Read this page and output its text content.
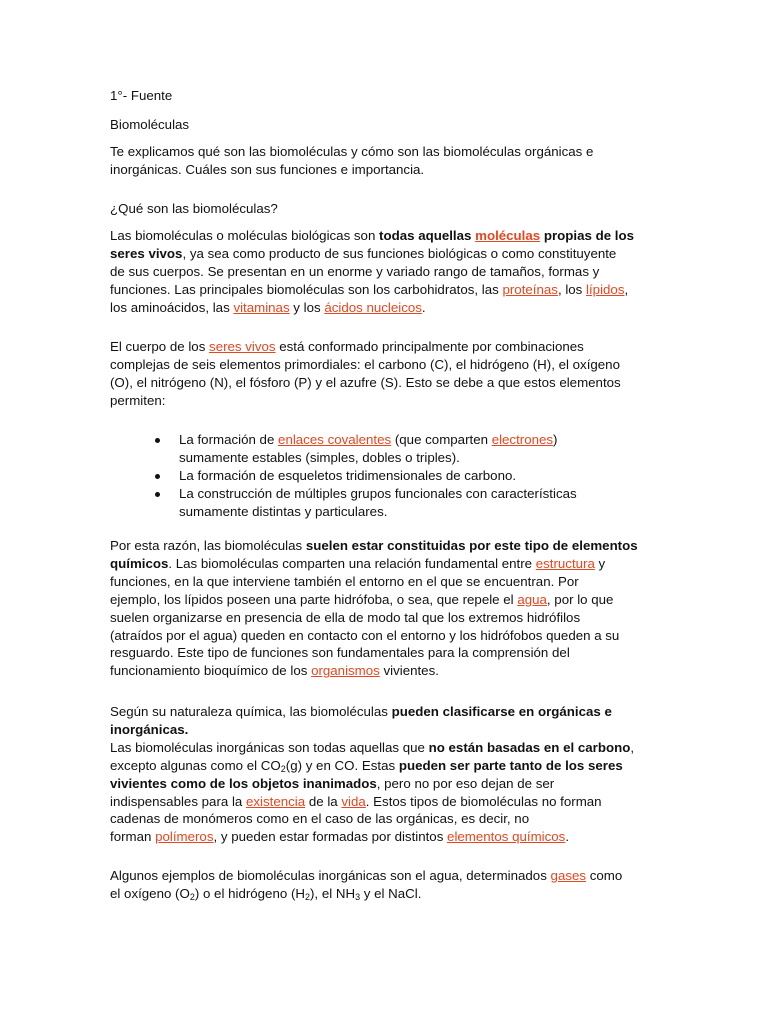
1°- Fuente
Biomoléculas
Te explicamos qué son las biomoléculas y cómo son las biomoléculas orgánicas e
inorgánicas. Cuáles son sus funciones e importancia.
¿Qué son las biomoléculas?
Las biomoléculas o moléculas biológicas son todas aquellas moléculas propias de los
seres vivos, ya sea como producto de sus funciones biológicas o como constituyente
de sus cuerpos. Se presentan en un enorme y variado rango de tamaños, formas y
funciones. Las principales biomoléculas son los carbohidratos, las proteínas, los lípidos,
los aminoácidos, las vitaminas y los ácidos nucleicos.
El cuerpo de los seres vivos está conformado principalmente por combinaciones
complejas de seis elementos primordiales: el carbono (C), el hidrógeno (H), el oxígeno
(O), el nitrógeno (N), el fósforo (P) y el azufre (S). Esto se debe a que estos elementos
permiten:
La formación de enlaces covalentes (que comparten electrones)
sumamente estables (simples, dobles o triples).
La formación de esqueletos tridimensionales de carbono.
La construcción de múltiples grupos funcionales con características
sumamente distintas y particulares.
Por esta razón, las biomoléculas suelen estar constituidas por este tipo de elementos
químicos. Las biomoléculas comparten una relación fundamental entre estructura y
funciones, en la que interviene también el entorno en el que se encuentran. Por
ejemplo, los lípidos poseen una parte hidrófoba, o sea, que repele el agua, por lo que
suelen organizarse en presencia de ella de modo tal que los extremos hidrófilos
(atraídos por el agua) queden en contacto con el entorno y los hidrófobos queden a su
resguardo. Este tipo de funciones son fundamentales para la comprensión del
funcionamiento bioquímico de los organismos vivientes.
Según su naturaleza química, las biomoléculas pueden clasificarse en orgánicas e
inorgánicas.
Las biomoléculas inorgánicas son todas aquellas que no están basadas en el carbono,
excepto algunas como el $CO_2(g)$ y en CO. Estas pueden ser parte tanto de los seres
vivientes como de los objetos inanimados, pero no por eso dejan de ser
indispensables para la existencia de la vida. Estos tipos de biomoléculas no forman
cadenas de monómeros como en el caso de las orgánicas, es decir, no
forman polímeros, y pueden estar formadas por distintos elementos químicos.
Algunos ejemplos de biomoléculas inorgánicas son el agua, determinados gases como
el oxígeno $(O_2)$ o el hidrógeno $(H_2)$, el $NH_3$ y el NaCl.
